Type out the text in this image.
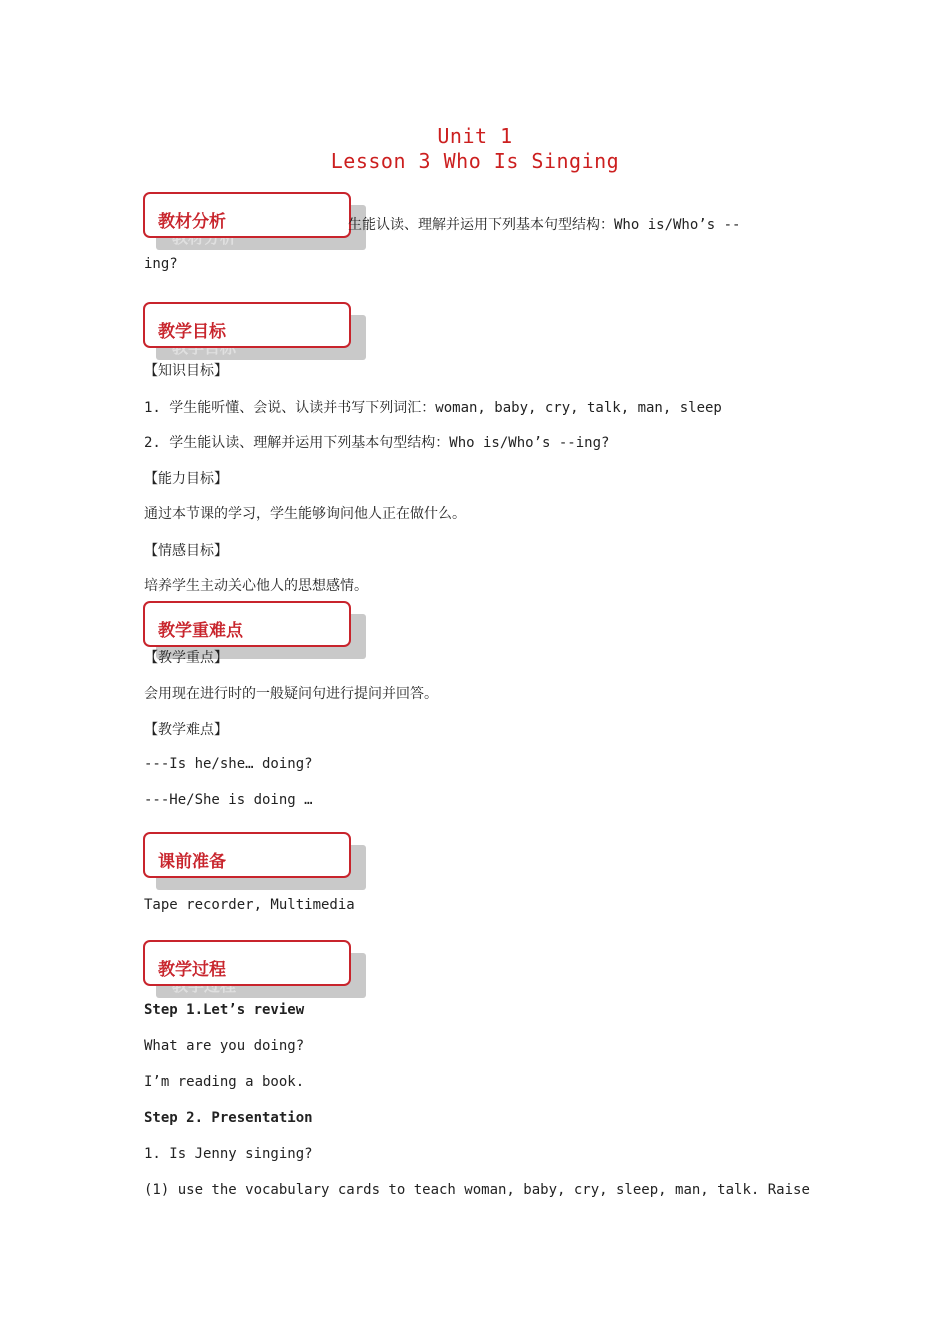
Unit 1
Lesson 3 Who Is Singing
教材分析	生能认读、理解并运用下列基本句型结构：Who is/Who’s --
ing?
教学目标
【知识目标】
1. 学生能听懂、会说、认读并书写下列词汇：woman, baby, cry, talk, man, sleep
2. 学生能认读、理解并运用下列基本句型结构：Who is/Who’s --ing?
【能力目标】
通过本节课的学习，学生能够询问他人正在做什么。
【情感目标】
培养学生主动关心他人的思想感情。
教学重难点
【教学重点】
会用现在进行时的一般疑问句进行提问并回答。
【教学难点】
---Is he/she… doing?
---He/She is doing …
课前准备
Tape recorder, Multimedia
教学过程
Step 1.Let’s review
What are you doing?
I’m reading a book.
Step 2. Presentation
1. Is Jenny singing?
(1) use the vocabulary cards to teach woman, baby, cry, sleep, man, talk. Raise
